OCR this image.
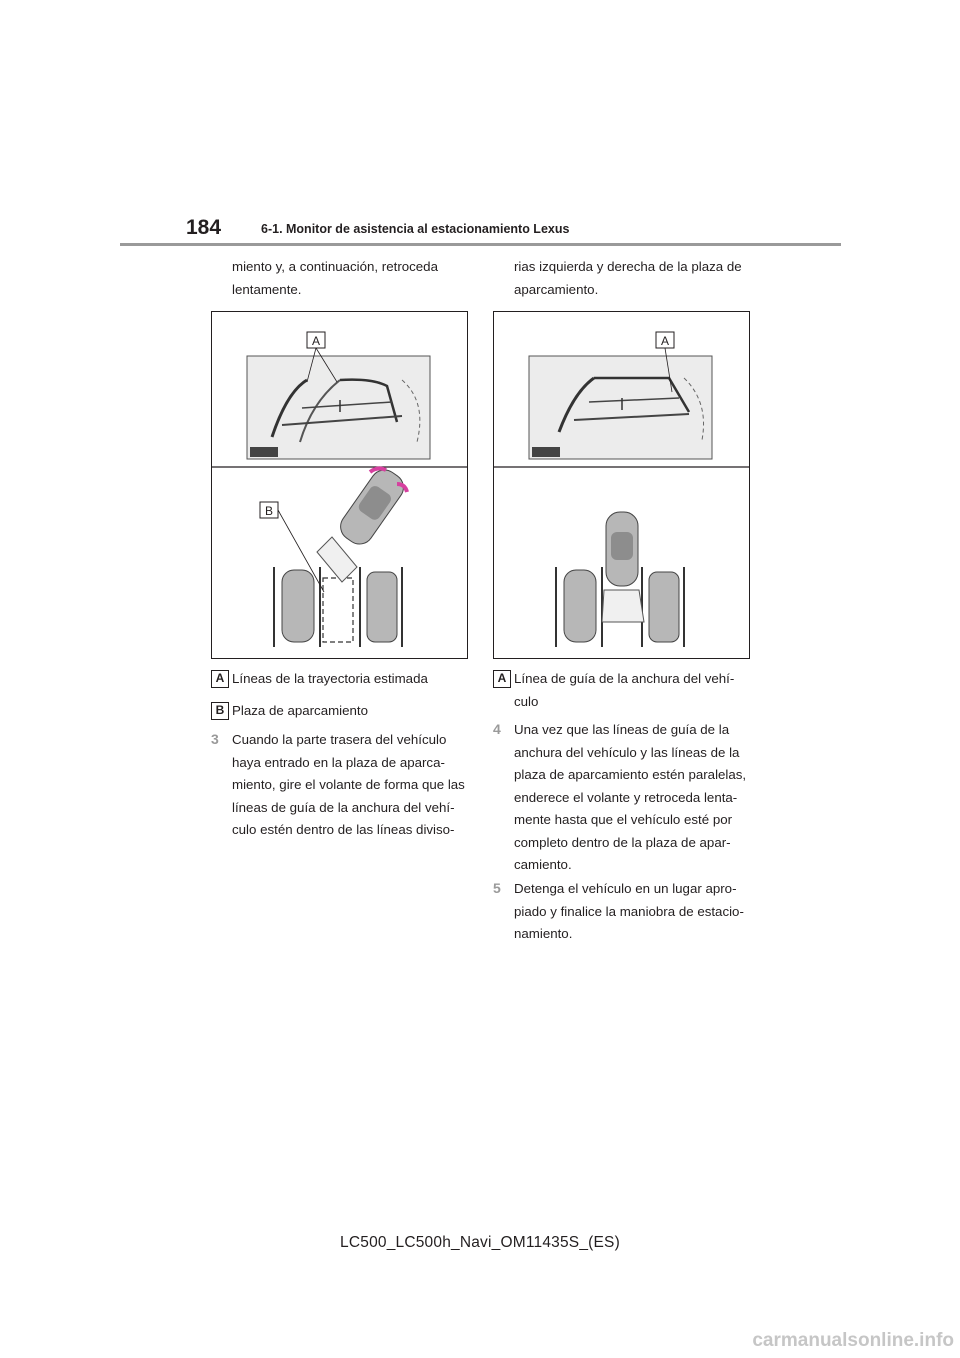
184	6-1. Monitor de asistencia al estacionamiento Lexus
miento y, a continuación, retroceda
lentamente.
rias izquierda y derecha de la plaza de
aparcamiento.
A
B
A
A Líneas de la trayectoria estimada
B Plaza de aparcamiento
3 Cuando la parte trasera del vehículo
haya entrado en la plaza de aparca-
miento, gire el volante de forma que las
líneas de guía de la anchura del vehí-
culo estén dentro de las líneas diviso-
A Línea de guía de la anchura del vehí-
culo
4 Una vez que las líneas de guía de la
anchura del vehículo y las líneas de la
plaza de aparcamiento estén paralelas,
enderece el volante y retroceda lenta-
mente hasta que el vehículo esté por
completo dentro de la plaza de apar-
camiento.
5 Detenga el vehículo en un lugar apro-
piado y finalice la maniobra de estacio-
namiento.
LC500_LC500h_Navi_OM11435S_(ES)
carmanualsonline.info
